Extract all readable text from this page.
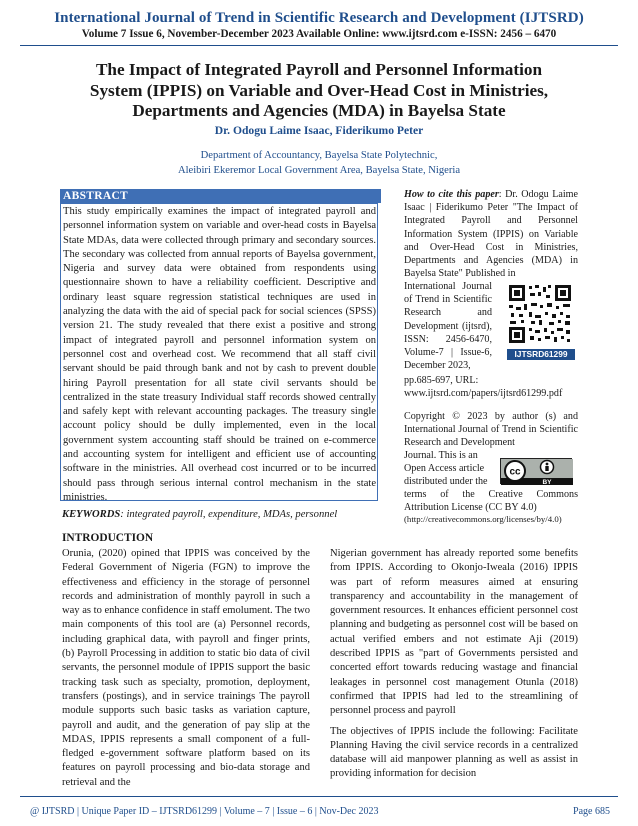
International Journal of Trend in Scientific Research and Development (IJTSRD)
Volume 7 Issue 6, November-December 2023 Available Online: www.ijtsrd.com e-ISSN: 2456 – 6470
The Impact of Integrated Payroll and Personnel Information
System (IPPIS) on Variable and Over-Head Cost in Ministries,
Departments and Agencies (MDA) in Bayelsa State
Dr. Odogu Laime Isaac, Fiderikumo Peter
Department of Accountancy, Bayelsa State Polytechnic,
Aleibiri Ekeremor Local Government Area, Bayelsa State, Nigeria
ABSTRACT
This study empirically examines the impact of integrated payroll and personnel information system on variable and over-head costs in Bayelsa State MDAs, data were collected through primary and secondary sources. The secondary was collected from annual reports of Bayelsa government, Nigeria and survey data were obtained from respondents using questionnaire shown to have a reliability coefficient. Descriptive and ordinary least square regression statistical techniques are used in analyzing the data with the aid of special pack for social sciences (SPSS) version 21. The study revealed that there exist a positive and strong impact of integrated payroll and personnel information system on personnel cost and overhead cost. We recommend that all staff civil servant should be paid through bank and not by cash to prevent double hiring Payroll presentation for all state civil servants should be centralized in the state treasury Individual staff records showed centrally and safely kept with relevant accounting packages. The treasury single account policy should be dully implemented, even in the local government system accounting staff should be trained on e-commerce and accounting system for intelligent and efficient use of accounting software in the ministries. All overhead cost incurred or to be incurred should pass through serious internal control mechanism in the state ministries.
KEYWORDS: integrated payroll, expenditure, MDAs, personnel
How to cite this paper: Dr. Odogu Laime Isaac | Fiderikumo Peter "The Impact of Integrated Payroll and Personnel Information System (IPPIS) on Variable and Over-Head Cost in Ministries, Departments and Agencies (MDA) in Bayelsa State" Published in
International Journal of Trend in Scientific Research and Development (ijtsrd), ISSN: 2456-6470, Volume-7 | Issue-6, December 2023,
IJTSRD61299
pp.685-697, URL: www.ijtsrd.com/papers/ijtsrd61299.pdf
Copyright © 2023 by author (s) and International Journal of Trend in Scientific Research and Development
Journal. This is an Open Access article distributed under the
cc
BY
terms of the Creative Commons Attribution License (CC BY 4.0)
(http://creativecommons.org/licenses/by/4.0)
INTRODUCTION

Orunia, (2020) opined that IPPIS was conceived by the Federal Government of Nigeria (FGN) to improve the effectiveness and efficiency in the storage of personnel records and administration of monthly payroll in such a way as to enhance confidence in staff emolument. The two main components of this tool are (a) Personnel records, including graphical data, with payroll and finger prints, (b) Payroll Processing in addition to static bio data of civil servants, the personnel module of IPPIS support the basic tracking task such as specialty, promotion, deployment, transfers (postings), and in service trainings The payroll module supports such basic tasks as variation capture, payroll and audit, and the generation of pay slip at the MDAS, IPPIS represents a small component of a full-fledged e-government software platform based on its features on payroll processing and bio-data storage and retrieval and the

Nigerian government has already reported some benefits from IPPIS. According to Okonjo-Iweala (2016) IPPIS was part of reform measures aimed at ensuring transparency and accountability in the management of government resources. It enhances efficient personnel cost planning and budgeting as personnel cost will be based on actual verified embers and not estimate Aji (2019) described IPPIS as "part of Governments persisted and concerted effort towards reducing wastage and financial leakages in personnel cost management Otunla (2018) confirmed that IPPIS had led to the streamlining of personnel process and payroll

The objectives of IPPIS include the following: Facilitate Planning Having the civil service records in a centralized database will aid manpower planning as well as assist in providing information for decision

@ IJTSRD | Unique Paper ID – IJTSRD61299 | Volume – 7 | Issue – 6 | Nov-Dec 2023	Page 685
